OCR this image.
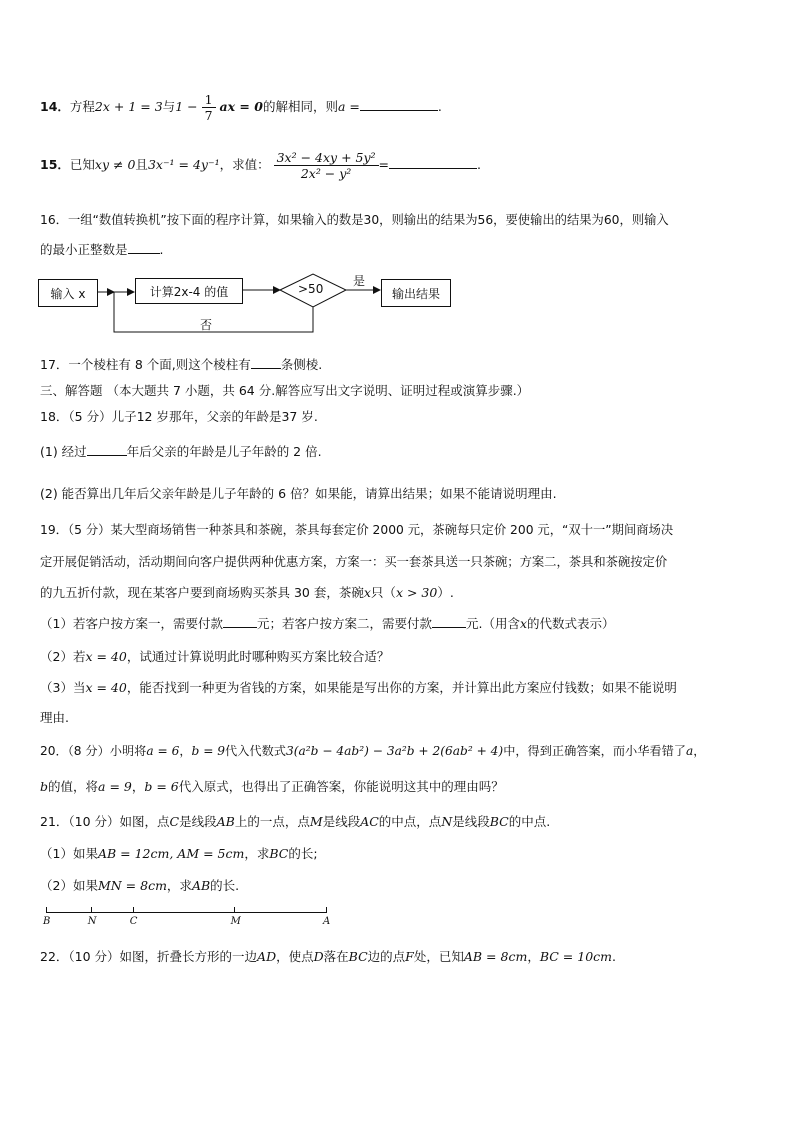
14．方程2x + 1 = 3与$1 - \frac{1}{7}$ ax = 0的解相同，则a =	.
15．已知xy ≠ 0且3x⁻¹ = 4y⁻¹，求值： $\frac{\text{3x² − 4xy + 5y²}}{\text{2x² − y²}}$ =	.
16．一组“数值转换机”按下面的程序计算，如果输入的数是30，则输出的结果为56，要使输出的结果为60，则输入
的最小正整数是	.
输入 x	计算2x-4 的值	>50
是
输出结果
否
17．一个棱柱有 8 个面,则这个棱柱有 条侧棱.
三、解答题 （本大题共 7 小题，共 64 分.解答应写出文字说明、证明过程或演算步骤.）
18．（5 分）儿子12 岁那年，父亲的年龄是37 岁.
(1) 经过	年后父亲的年龄是儿子年龄的 2 倍.
(2) 能否算出几年后父亲年龄是儿子年龄的 6 倍？如果能，请算出结果；如果不能请说明理由.
19．（5 分）某大型商场销售一种茶具和茶碗，茶具每套定价 2000 元，茶碗每只定价 200 元，“双十一”期间商场决
定开展促销活动，活动期间向客户提供两种优惠方案，方案一：买一套茶具送一只茶碗；方案二，茶具和茶碗按定价
的九五折付款，现在某客户要到商场购买茶具 30 套，茶碗x只（x > 30）.
（1）若客户按方案一，需要付款	元；若客户按方案二，需要付款	元.（用含x的代数式表示）
（2）若x = 40，试通过计算说明此时哪种购买方案比较合适？
（3）当x = 40，能否找到一种更为省钱的方案，如果能是写出你的方案，并计算出此方案应付钱数；如果不能说明
理由.
20．（8 分）小明将a = 6，b = 9代入代数式3(a²b − 4ab²) − 3a²b + 2(6ab² + 4)中，得到正确答案，而小华看错了a，
b的值，将a = 9，b = 6代入原式，也得出了正确答案，你能说明这其中的理由吗？
21．（10 分）如图，点C是线段AB上的一点，点M是线段AC的中点，点N是线段BC的中点.
（1）如果AB = 12cm, AM = 5cm，求BC的长;
（2）如果MN = 8cm，求AB的长.
B	N	C	M	A
22．（10 分）如图，折叠长方形的一边AD，使点D落在BC边的点F处，已知AB = 8cm，BC = 10cm.
